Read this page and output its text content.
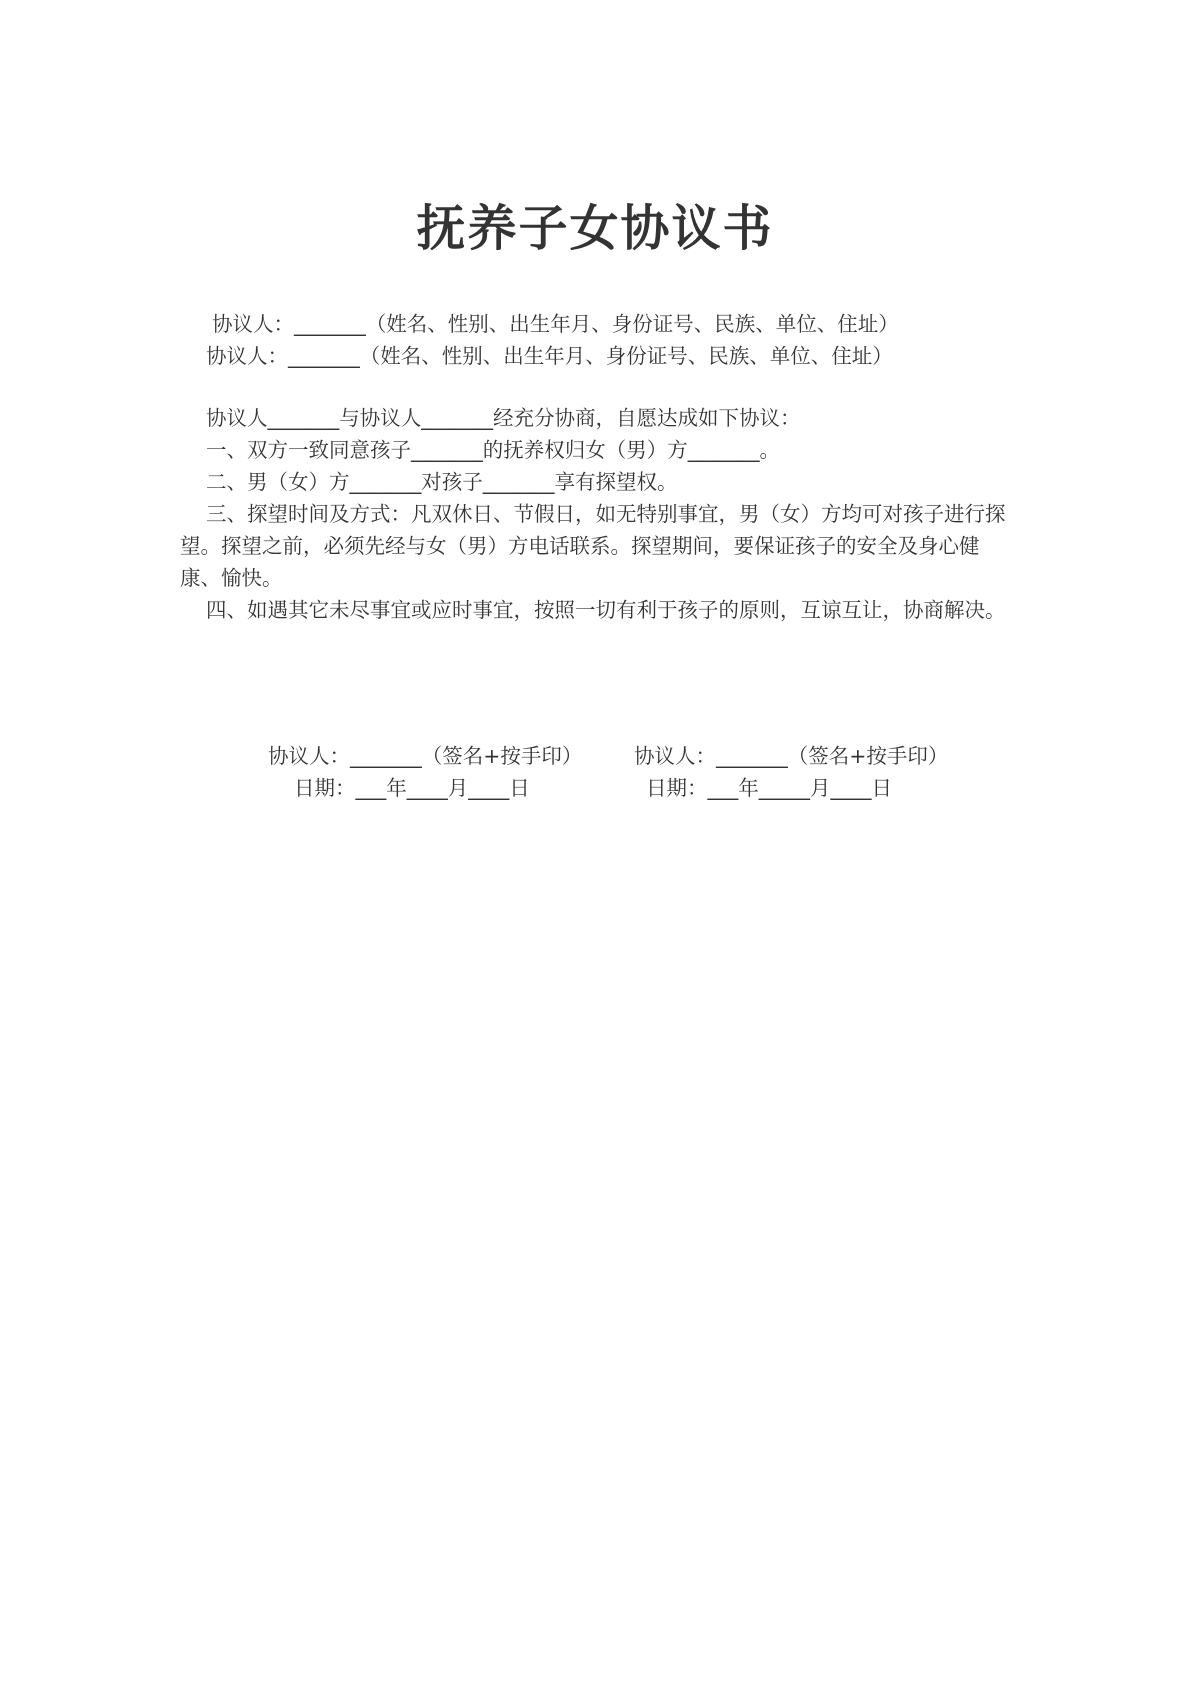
抚养子女协议书
协议人：_______（姓名、性别、出生年月、身份证号、民族、单位、住址）
协议人：_______（姓名、性别、出生年月、身份证号、民族、单位、住址）
协议人_______与协议人_______经充分协商，自愿达成如下协议：
一、双方一致同意孩子_______的抚养权归女（男）方_______。
二、男（女）方_______对孩子_______享有探望权。
三、探望时间及方式：凡双休日、节假日，如无特别事宜，男（女）方均可对孩子进行探望。探望之前，必须先经与女（男）方电话联系。探望期间，要保证孩子的安全及身心健康、愉快。
四、如遇其它未尽事宜或应时事宜，按照一切有利于孩子的原则，互谅互让，协商解决。
协议人：_______（签名+按手印）	协议人：_______（签名+按手印）
日期：___年____月____日	日期：___年_____月____日
